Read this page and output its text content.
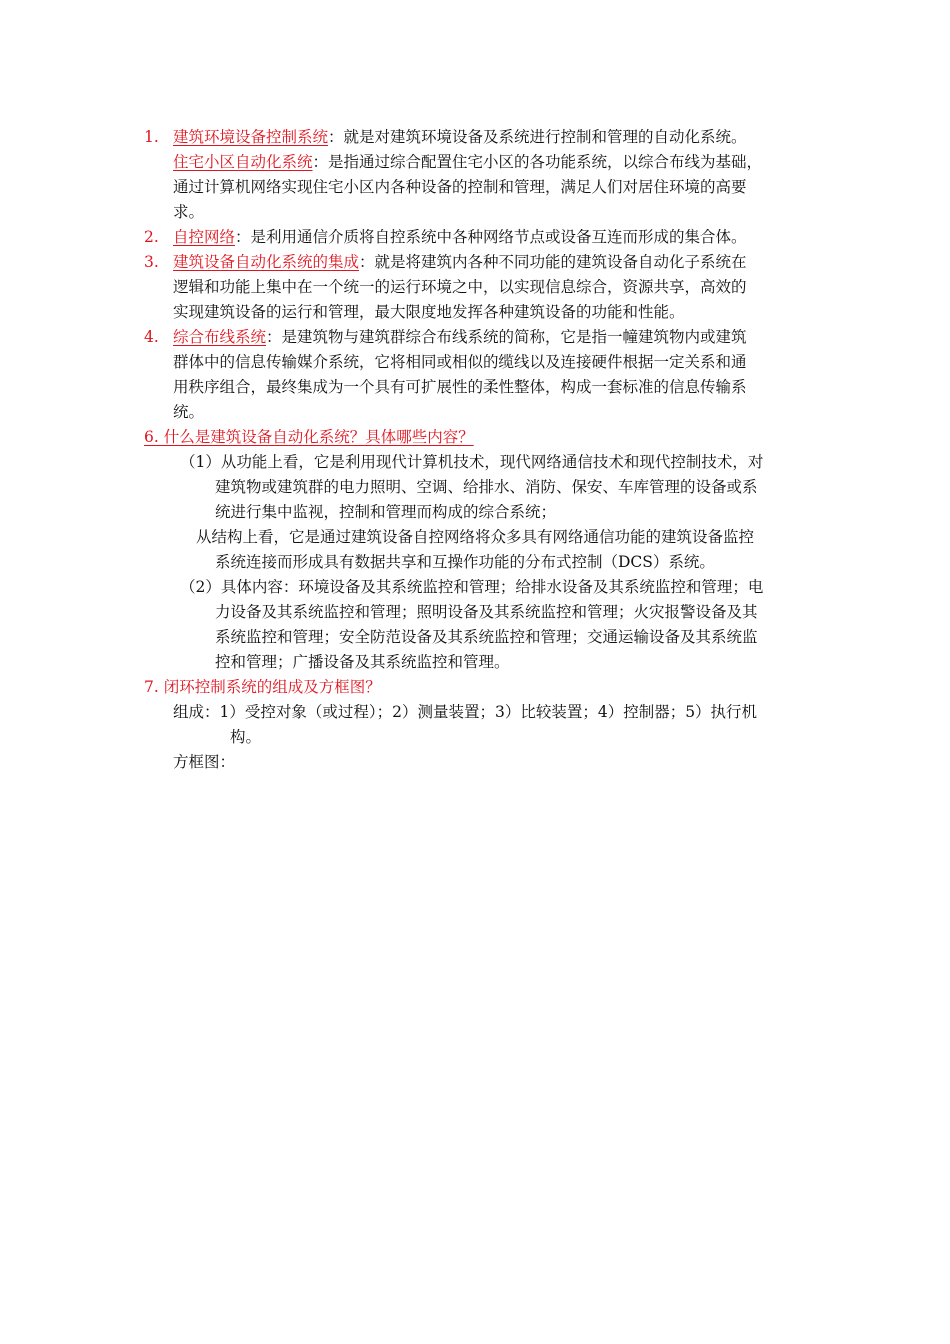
1. 建筑环境设备控制系统：就是对建筑环境设备及系统进行控制和管理的自动化系统。
住宅小区自动化系统：是指通过综合配置住宅小区的各功能系统，以综合布线为基础，
通过计算机网络实现住宅小区内各种设备的控制和管理，满足人们对居住环境的高要
求。
2. 自控网络：是利用通信介质将自控系统中各种网络节点或设备互连而形成的集合体。
3. 建筑设备自动化系统的集成：就是将建筑内各种不同功能的建筑设备自动化子系统在
逻辑和功能上集中在一个统一的运行环境之中，以实现信息综合，资源共享，高效的
实现建筑设备的运行和管理，最大限度地发挥各种建筑设备的功能和性能。
4. 综合布线系统：是建筑物与建筑群综合布线系统的简称，它是指一幢建筑物内或建筑
群体中的信息传输媒介系统，它将相同或相似的缆线以及连接硬件根据一定关系和通
用秩序组合，最终集成为一个具有可扩展性的柔性整体，构成一套标准的信息传输系
统。
6. 什么是建筑设备自动化系统？具体哪些内容？
（1）从功能上看，它是利用现代计算机技术，现代网络通信技术和现代控制技术，对
建筑物或建筑群的电力照明、空调、给排水、消防、保安、车库管理的设备或系
统进行集中监视，控制和管理而构成的综合系统；
从结构上看，它是通过建筑设备自控网络将众多具有网络通信功能的建筑设备监控
系统连接而形成具有数据共享和互操作功能的分布式控制（DCS）系统。
（2）具体内容：环境设备及其系统监控和管理；给排水设备及其系统监控和管理；电
力设备及其系统监控和管理；照明设备及其系统监控和管理；火灾报警设备及其
系统监控和管理；安全防范设备及其系统监控和管理；交通运输设备及其系统监
控和管理；广播设备及其系统监控和管理。
7. 闭环控制系统的组成及方框图？
组成：1）受控对象（或过程）；2）测量装置；3）比较装置；4）控制器；5）执行机
构。
方框图：
